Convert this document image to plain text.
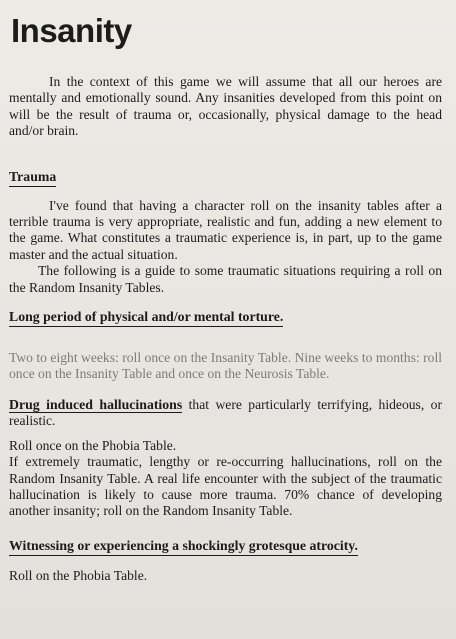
Insanity

In the context of this game we will assume that all our heroes are mentally and emotionally sound. Any insanities developed from this point on will be the result of trauma or, occasionally, physical damage to the head and/or brain.

Trauma

I've found that having a character roll on the insanity tables after a terrible trauma is very appropriate, realistic and fun, adding a new element to the game. What constitutes a traumatic experience is, in part, up to the game master and the actual situation.

The following is a guide to some traumatic situations requiring a roll on the Random Insanity Tables.

Long period of physical and/or mental torture.

Two to eight weeks: roll once on the Insanity Table. Nine weeks to months: roll once on the Insanity Table and once on the Neurosis Table.

Drug induced hallucinations that were particularly terrifying, hideous, or realistic.

Roll once on the Phobia Table.

If extremely traumatic, lengthy or re-occurring hallucinations, roll on the Random Insanity Table. A real life encounter with the subject of the traumatic hallucination is likely to cause more trauma. 70% chance of developing another insanity; roll on the Random Insanity Table.

Witnessing or experiencing a shockingly grotesque atrocity.

Roll on the Phobia Table.
